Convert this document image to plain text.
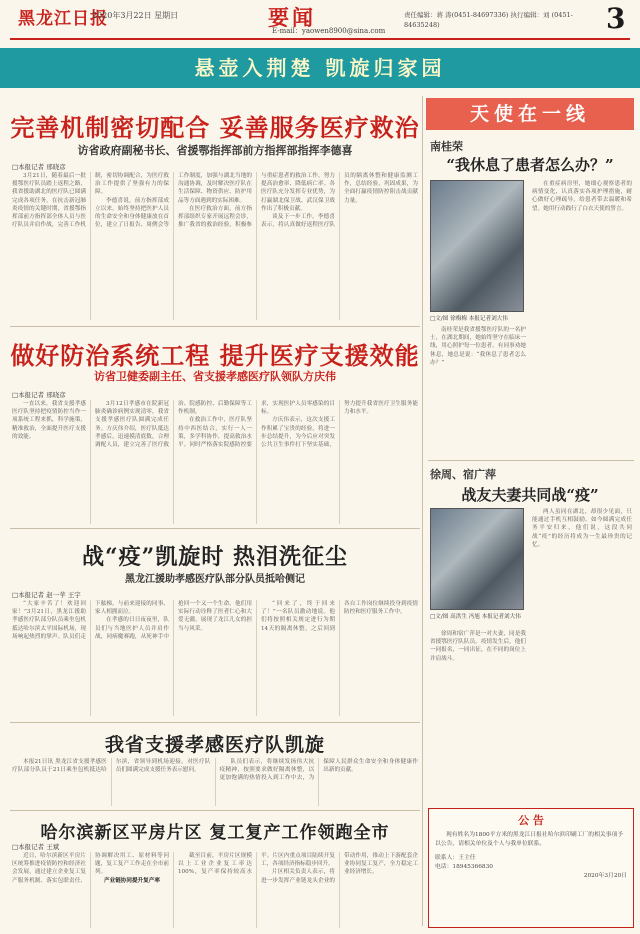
黑龙江日报
2020年3月22日 星期日	要闻
E-mail：yaowen8900@sina.com
责任编辑：蒋 涛(0451-84697336) 执行编辑：刘 (0451-84635248)	3
悬壶入荆楚 凯旋归家园
完善机制密切配合 妥善服务医疗救治
访省政府副秘书长、省援鄂指挥部前方指挥部指挥李德喜
□本报记者 邢晓彦

3月21日，随着最后一批援鄂医疗队员踏上返程之路，我省援助湖北的医疗队已圆满完成各项任务。在抗击新冠肺炎疫情的关键时期，省援鄂指挥部前方指挥部全体人员与医疗队员并肩作战，完善工作机制，密切协调配合，为医疗救治工作提供了坚强有力的保障。

李德喜说，前方指挥部成立以来，始终坚持把医护人员的生命安全和身体健康放在首位，建立了日报告、周例会等工作制度，加强与湖北当地的沟通协调，及时解决医疗队在生活保障、物资供应、防护用品等方面遇到的实际困难。

在医疗救治方面，前方指挥部组织专家开展远程会诊，推广我省的救治经验，积极参与重症患者的救治工作，努力提高治愈率、降低病亡率。各医疗队充分发挥专业优势，为打赢湖北保卫战、武汉保卫战作出了积极贡献。

谈及下一步工作，李德喜表示，将认真做好返程医疗队员的隔离休整和健康监测工作，总结经验，巩固成果，为全面打赢疫情防控阻击战贡献力量。

做好防治系统工程 提升医疗支援效能
访省卫健委副主任、省支援孝感医疗队领队方庆伟
□本报记者 邢晓彦

一直以来，我省支援孝感医疗队坚持把疫情防控当作一项系统工程来抓，科学施策，精准救治，全面提升医疗支援的效能。

3月12日孝感市在院新冠肺炎确诊病例实现清零，我省支援孝感医疗队圆满完成任务。方庆伟介绍，医疗队抵达孝感后，迅速摸清底数，合理调配人员，建立完善了医疗救治、院感防控、后勤保障等工作机制。

在救治工作中，医疗队坚持中西医结合，实行一人一策，多学科协作，提高救治水平。同时严格落实院感防控要求，实现医护人员零感染的目标。

方庆伟表示，这次支援工作积累了宝贵的经验，将进一步总结提升，为今后应对突发公共卫生事件打下坚实基础，努力提升我省医疗卫生服务能力和水平。

战“疫”凯旋时 热泪洗征尘
黑龙江援助孝感医疗队部分队员抵哈侧记
□本报记者 赵一苹 王宇

“大家辛苦了！欢迎回家！”3月21日，黑龙江援助孝感医疗队部分队员乘坐包机抵达哈尔滨太平国际机场，现场响起热烈的掌声。队员们走下舷梯，与前来迎接的同事、家人相拥而泣。

在孝感的日日夜夜里，队员们与当地医护人员并肩作战，同病魔赛跑，从死神手中抢回一个又一个生命。他们用实际行动诠释了医者仁心和大爱无疆，展现了龙江儿女的担当与风采。

“回来了，终于回来了！”一名队员激动地说。他们将按照相关规定进行为期14天的隔离休整，之后回到各自工作岗位继续投身到疫情防控和医疗服务工作中。

我省支援孝感医疗队凯旋

本报21日讯 黑龙江省支援孝感医疗队部分队员于21日乘坐包机抵达哈尔滨，省领导到机场迎接，对医疗队员们圆满完成支援任务表示慰问。

队员们表示，将继续发扬伟大抗疫精神，按照要求做好隔离休整，以更加饱满的热情投入到工作中去，为保障人民群众生命安全和身体健康作出新的贡献。

哈尔滨新区平房片区 复工复产工作领跑全市
□本报记者 王斌

近日，哈尔滨新区平房片区统筹推进疫情防控和经济社会发展，通过建立企业复工复产服务机制、落实包联责任、协调解决用工、原材料等问题，复工复产工作走在全市前列。

产业链协同提升复产率

截至目前，平房片区规模以上工业企业复工率达100%，复产率保持较高水平。片区内重点项目陆续开复工，各项经济指标稳步回升。

片区相关负责人表示，将进一步发挥产业链龙头企业的带动作用，推动上下游配套企业协同复工复产，全力稳定工业经济增长。

天使在一线
南桂荣
“我休息了患者怎么办？”
□文/图 徐梅梅 本报记者刘大伟

南桂荣是我省援鄂医疗队的一名护士，在湖北期间，她始终坚守在临床一线，用心照护每一位患者。有同事劝她休息，她总是说：“我休息了患者怎么办？”

在重症病房里，她细心观察患者的病情变化，认真落实各项护理措施，耐心做好心理疏导，给患者带去温暖和希望。她用行动践行了白衣天使的誓言。

徐周、宿广萍
战友夫妻共同战“疫”
□文/图 高洪生 冯旭 本报记者刘大伟

徐周和宿广萍是一对夫妻，同是我省援鄂医疗队队员。疫情发生后，他们一同报名，一同出征，在不同的岗位上并肩战斗。

两人虽同在湖北，却很少见面，只能通过手机互相鼓励。如今圆满完成任务平安归来，他们说，这段共同战“疫”的经历将成为一生最珍贵的记忆。

公 告
现有姓名为1800平方米的黑龙江日报社哈尔滨印刷工厂的相关事项予以公告，请相关单位及个人与我单位联系。
联系人：王主任
电话：18945366830
2020年3月20日
